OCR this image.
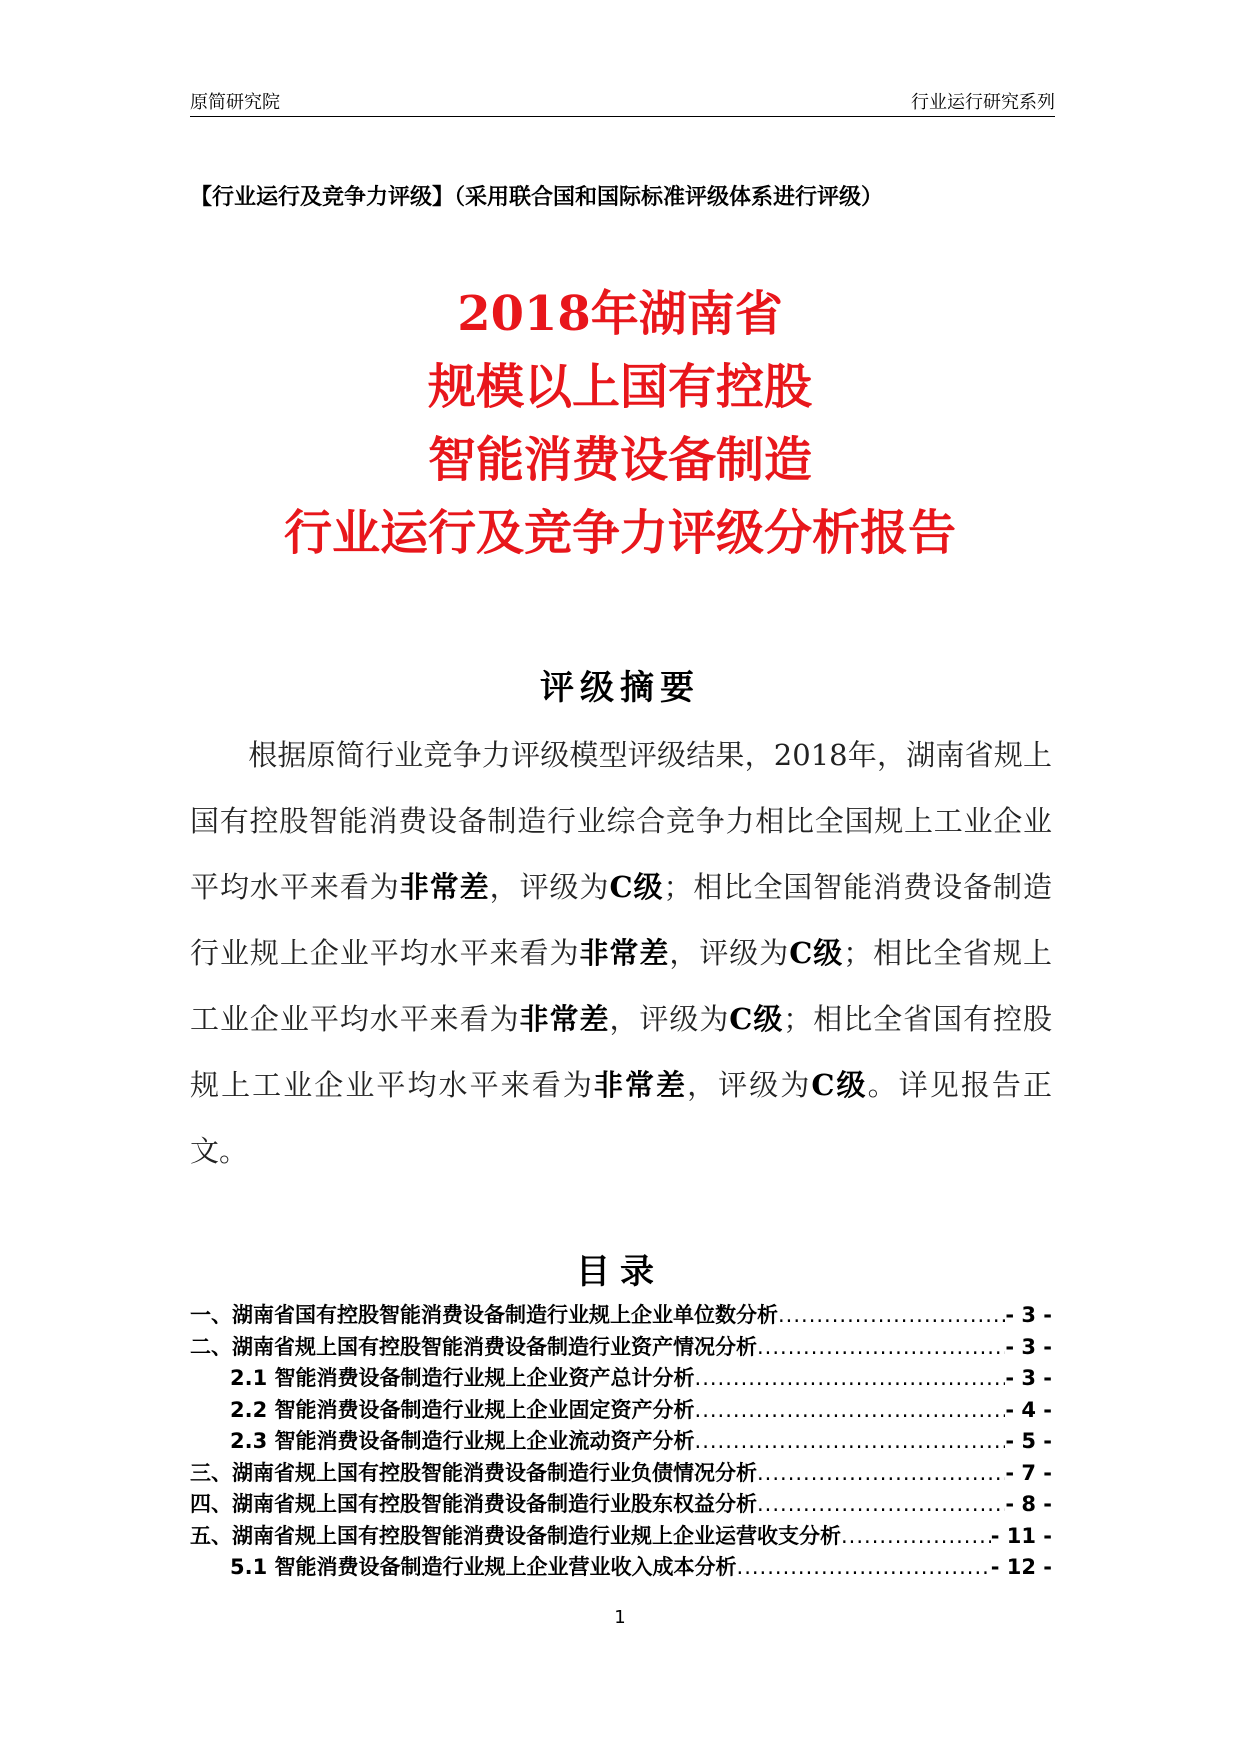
原简研究院	行业运行研究系列
【行业运行及竞争力评级】（采用联合国和国际标准评级体系进行评级）
2018年湖南省
规模以上国有控股
智能消费设备制造
行业运行及竞争力评级分析报告
评级摘要
  根据原简行业竞争力评级模型评级结果，2018年，湖南省规上国有控股智能消费设备制造行业综合竞争力相比全国规上工业企业平均水平来看为非常差，评级为C级；相比全国智能消费设备制造行业规上企业平均水平来看为非常差，评级为C级；相比全省规上工业企业平均水平来看为非常差，评级为C级；相比全省国有控股规上工业企业平均水平来看为非常差，评级为C级。详见报告正文。
目录
一、湖南省国有控股智能消费设备制造行业规上企业单位数分析 .....	- 3 -
二、湖南省规上国有控股智能消费设备制造行业资产情况分析 .....	- 3 -
2.1 智能消费设备制造行业规上企业资产总计分析 .....	- 3 -
2.2 智能消费设备制造行业规上企业固定资产分析 .....	- 4 -
2.3 智能消费设备制造行业规上企业流动资产分析 .....	- 5 -
三、湖南省规上国有控股智能消费设备制造行业负债情况分析 .....	- 7 -
四、湖南省规上国有控股智能消费设备制造行业股东权益分析 .....	- 8 -
五、湖南省规上国有控股智能消费设备制造行业规上企业运营收支分析 .....	- 11 -
5.1 智能消费设备制造行业规上企业营业收入成本分析 .....	- 12 -
1
